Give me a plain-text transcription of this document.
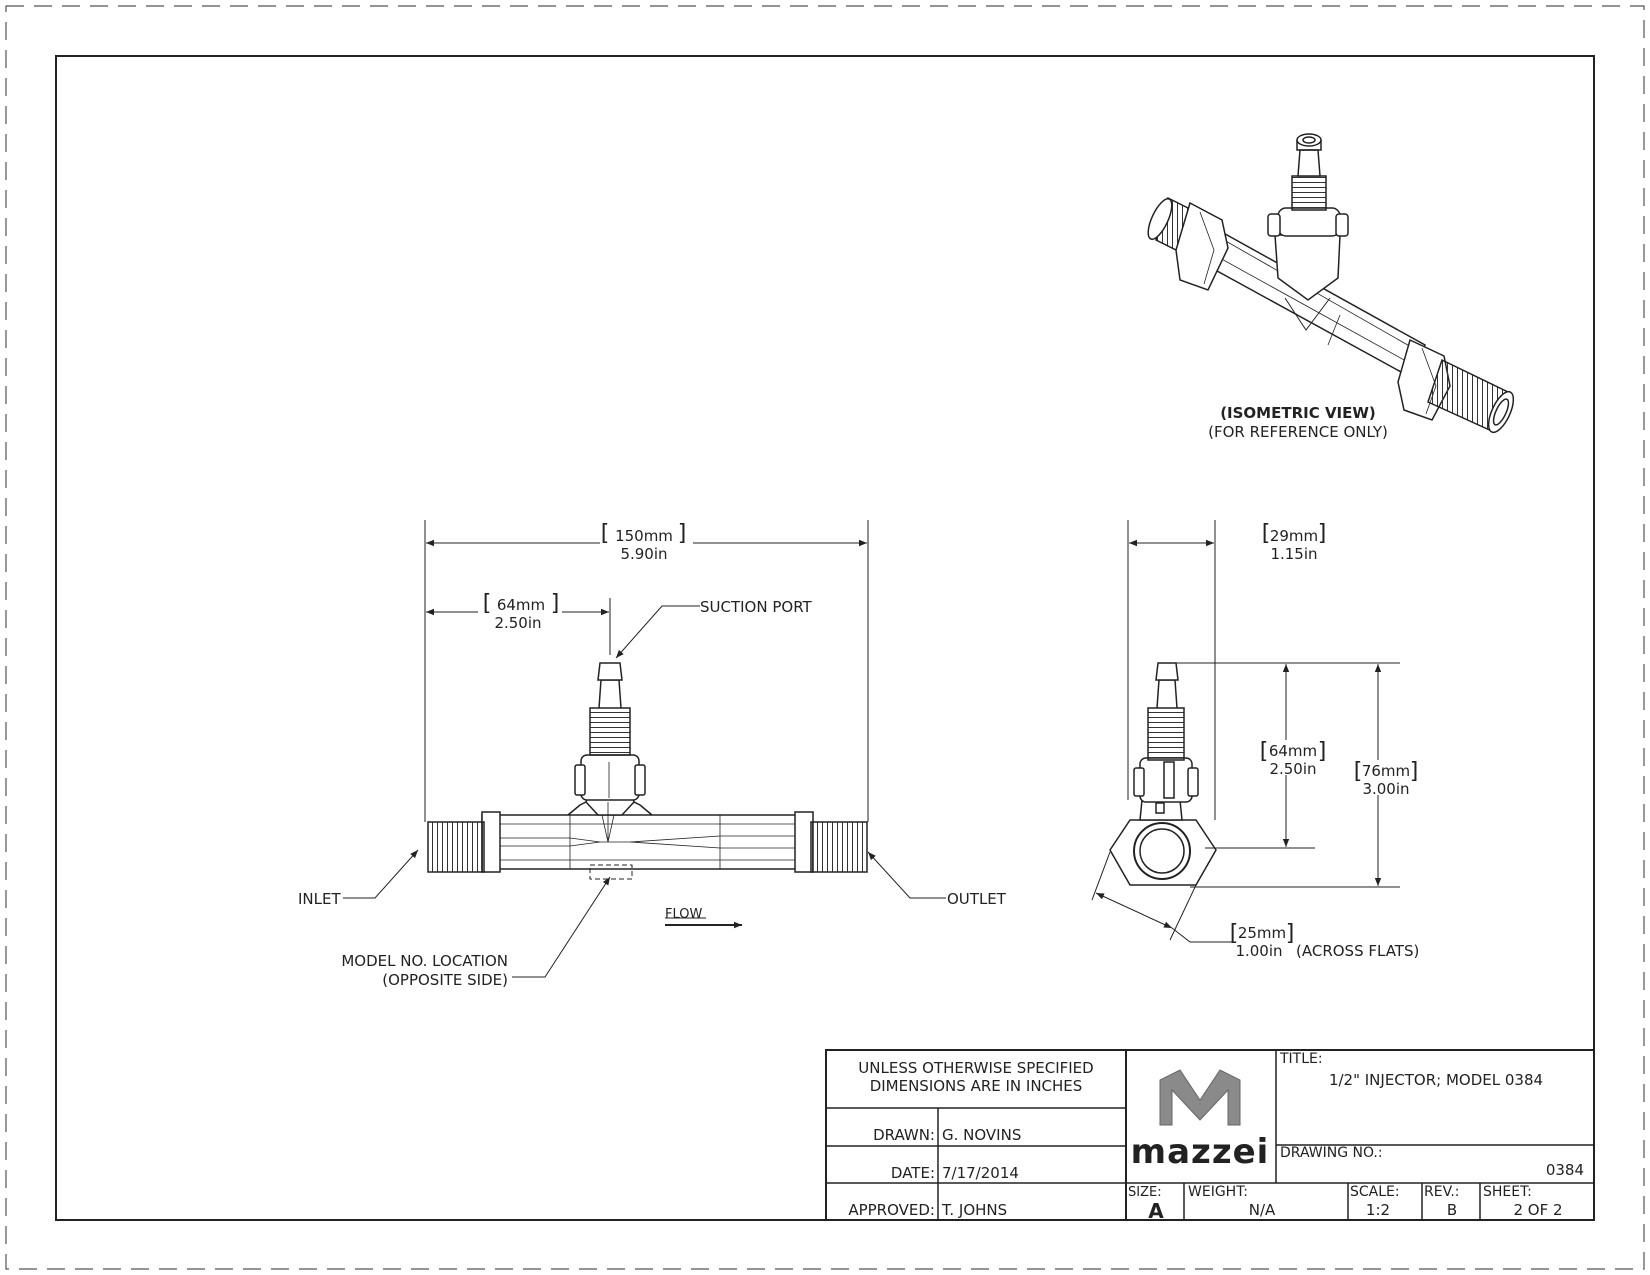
(ISOMETRIC VIEW)
(FOR REFERENCE ONLY)
[	]
[	]
150mm
5.90in
64mm
2.50in
SUCTION PORT
INLET	OUTLET
FLOW
MODEL NO. LOCATION
(OPPOSITE SIDE)
[ ]
[ ]
[ ]
[ ]
29mm
1.15in
64mm
2.50in	76mm
3.00in
25mm
1.00in (ACROSS FLATS)
UNLESS OTHERWISE SPECIFIED
DIMENSIONS ARE IN INCHES
DRAWN: G. NOVINS
DATE: 7/17/2014
APPROVED: T. JOHNS
mazzei
TITLE:
1/2" INJECTOR; MODEL 0384
DRAWING NO.:
0384
SIZE:
A
WEIGHT:
N/A
SCALE:
1:2
REV.:
B
SHEET:
2 OF 2
